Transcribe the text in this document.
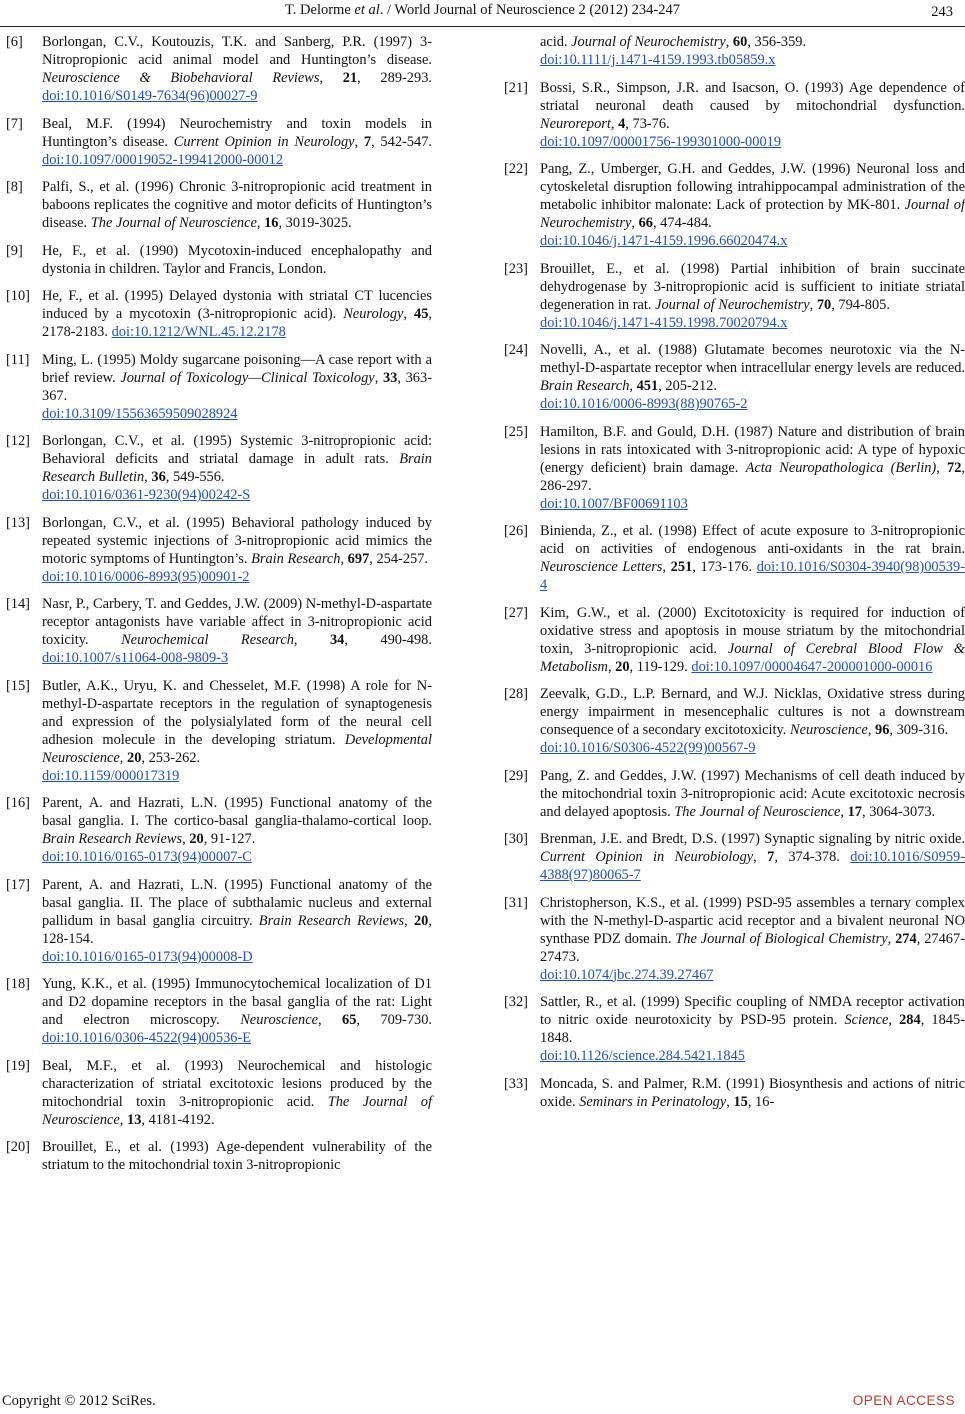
T. Delorme et al. / World Journal of Neuroscience 2 (2012) 234-247	243
[6]	Borlongan, C.V., Koutouzis, T.K. and Sanberg, P.R. (1997) 3-Nitropropionic acid animal model and Huntington’s disease. Neuroscience & Biobehavioral Reviews, 21, 289-293. doi:10.1016/S0149-7634(96)00027-9
[7]	Beal, M.F. (1994) Neurochemistry and toxin models in Huntington’s disease. Current Opinion in Neurology, 7, 542-547. doi:10.1097/00019052-199412000-00012
[8]	Palfi, S., et al. (1996) Chronic 3-nitropropionic acid treatment in baboons replicates the cognitive and motor deficits of Huntington’s disease. The Journal of Neuroscience, 16, 3019-3025.
[9]	He, F., et al. (1990) Mycotoxin-induced encephalopathy and dystonia in children. Taylor and Francis, London.
[10] He, F., et al. (1995) Delayed dystonia with striatal CT lucencies induced by a mycotoxin (3-nitropropionic acid). Neurology, 45, 2178-2183. doi:10.1212/WNL.45.12.2178
[11] Ming, L. (1995) Moldy sugarcane poisoning—A case report with a brief review. Journal of Toxicology—Clinical Toxicology, 33, 363-367.
doi:10.3109/15563659509028924
[12] Borlongan, C.V., et al. (1995) Systemic 3-nitropropionic acid: Behavioral deficits and striatal damage in adult rats. Brain Research Bulletin, 36, 549-556.
doi:10.1016/0361-9230(94)00242-S
[13] Borlongan, C.V., et al. (1995) Behavioral pathology induced by repeated systemic injections of 3-nitropropionic acid mimics the motoric symptoms of Huntington’s. Brain Research, 697, 254-257.
doi:10.1016/0006-8993(95)00901-2
[14] Nasr, P., Carbery, T. and Geddes, J.W. (2009) N-methyl-D-aspartate receptor antagonists have variable affect in 3-nitropropionic acid toxicity. Neurochemical Research, 34, 490-498. doi:10.1007/s11064-008-9809-3
[15] Butler, A.K., Uryu, K. and Chesselet, M.F. (1998) A role for N-methyl-D-aspartate receptors in the regulation of synaptogenesis and expression of the polysialylated form of the neural cell adhesion molecule in the developing striatum. Developmental Neuroscience, 20, 253-262.
doi:10.1159/000017319
[16] Parent, A. and Hazrati, L.N. (1995) Functional anatomy of the basal ganglia. I. The cortico-basal ganglia-thalamo-cortical loop. Brain Research Reviews, 20, 91-127.
doi:10.1016/0165-0173(94)00007-C
[17] Parent, A. and Hazrati, L.N. (1995) Functional anatomy of the basal ganglia. II. The place of subthalamic nucleus and external pallidum in basal ganglia circuitry. Brain Research Reviews, 20, 128-154.
doi:10.1016/0165-0173(94)00008-D
[18] Yung, K.K., et al. (1995) Immunocytochemical localization of D1 and D2 dopamine receptors in the basal ganglia of the rat: Light and electron microscopy. Neuroscience, 65, 709-730. doi:10.1016/0306-4522(94)00536-E
[19] Beal, M.F., et al. (1993) Neurochemical and histologic characterization of striatal excitotoxic lesions produced by the mitochondrial toxin 3-nitropropionic acid. The Journal of Neuroscience, 13, 4181-4192.
[20] Brouillet, E., et al. (1993) Age-dependent vulnerability of the striatum to the mitochondrial toxin 3-nitropropionic
acid. Journal of Neurochemistry, 60, 356-359.
doi:10.1111/j.1471-4159.1993.tb05859.x
[21] Bossi, S.R., Simpson, J.R. and Isacson, O. (1993) Age dependence of striatal neuronal death caused by mitochondrial dysfunction. Neuroreport, 4, 73-76.
doi:10.1097/00001756-199301000-00019
[22] Pang, Z., Umberger, G.H. and Geddes, J.W. (1996) Neuronal loss and cytoskeletal disruption following intrahippocampal administration of the metabolic inhibitor malonate: Lack of protection by MK-801. Journal of Neurochemistry, 66, 474-484.
doi:10.1046/j.1471-4159.1996.66020474.x
[23] Brouillet, E., et al. (1998) Partial inhibition of brain succinate dehydrogenase by 3-nitropropionic acid is sufficient to initiate striatal degeneration in rat. Journal of Neurochemistry, 70, 794-805.
doi:10.1046/j.1471-4159.1998.70020794.x
[24] Novelli, A., et al. (1988) Glutamate becomes neurotoxic via the N-methyl-D-aspartate receptor when intracellular energy levels are reduced. Brain Research, 451, 205-212.
doi:10.1016/0006-8993(88)90765-2
[25] Hamilton, B.F. and Gould, D.H. (1987) Nature and distribution of brain lesions in rats intoxicated with 3-nitropropionic acid: A type of hypoxic (energy deficient) brain damage. Acta Neuropathologica (Berlin), 72, 286-297.
doi:10.1007/BF00691103
[26] Binienda, Z., et al. (1998) Effect of acute exposure to 3-nitropropionic acid on activities of endogenous anti-oxidants in the rat brain. Neuroscience Letters, 251, 173-176. doi:10.1016/S0304-3940(98)00539-4
[27] Kim, G.W., et al. (2000) Excitotoxicity is required for induction of oxidative stress and apoptosis in mouse striatum by the mitochondrial toxin, 3-nitropropionic acid. Journal of Cerebral Blood Flow & Metabolism, 20, 119-129. doi:10.1097/00004647-200001000-00016
[28] Zeevalk, G.D., L.P. Bernard, and W.J. Nicklas, Oxidative stress during energy impairment in mesencephalic cultures is not a downstream consequence of a secondary excitotoxicity. Neuroscience, 96, 309-316.
doi:10.1016/S0306-4522(99)00567-9
[29] Pang, Z. and Geddes, J.W. (1997) Mechanisms of cell death induced by the mitochondrial toxin 3-nitropropionic acid: Acute excitotoxic necrosis and delayed apoptosis. The Journal of Neuroscience, 17, 3064-3073.
[30] Brenman, J.E. and Bredt, D.S. (1997) Synaptic signaling by nitric oxide. Current Opinion in Neurobiology, 7, 374-378. doi:10.1016/S0959-4388(97)80065-7
[31] Christopherson, K.S., et al. (1999) PSD-95 assembles a ternary complex with the N-methyl-D-aspartic acid receptor and a bivalent neuronal NO synthase PDZ domain. The Journal of Biological Chemistry, 274, 27467-27473.
doi:10.1074/jbc.274.39.27467
[32] Sattler, R., et al. (1999) Specific coupling of NMDA receptor activation to nitric oxide neurotoxicity by PSD-95 protein. Science, 284, 1845-1848.
doi:10.1126/science.284.5421.1845
[33] Moncada, S. and Palmer, R.M. (1991) Biosynthesis and actions of nitric oxide. Seminars in Perinatology, 15, 16-
Copyright © 2012 SciRes.	OPEN ACCESS
